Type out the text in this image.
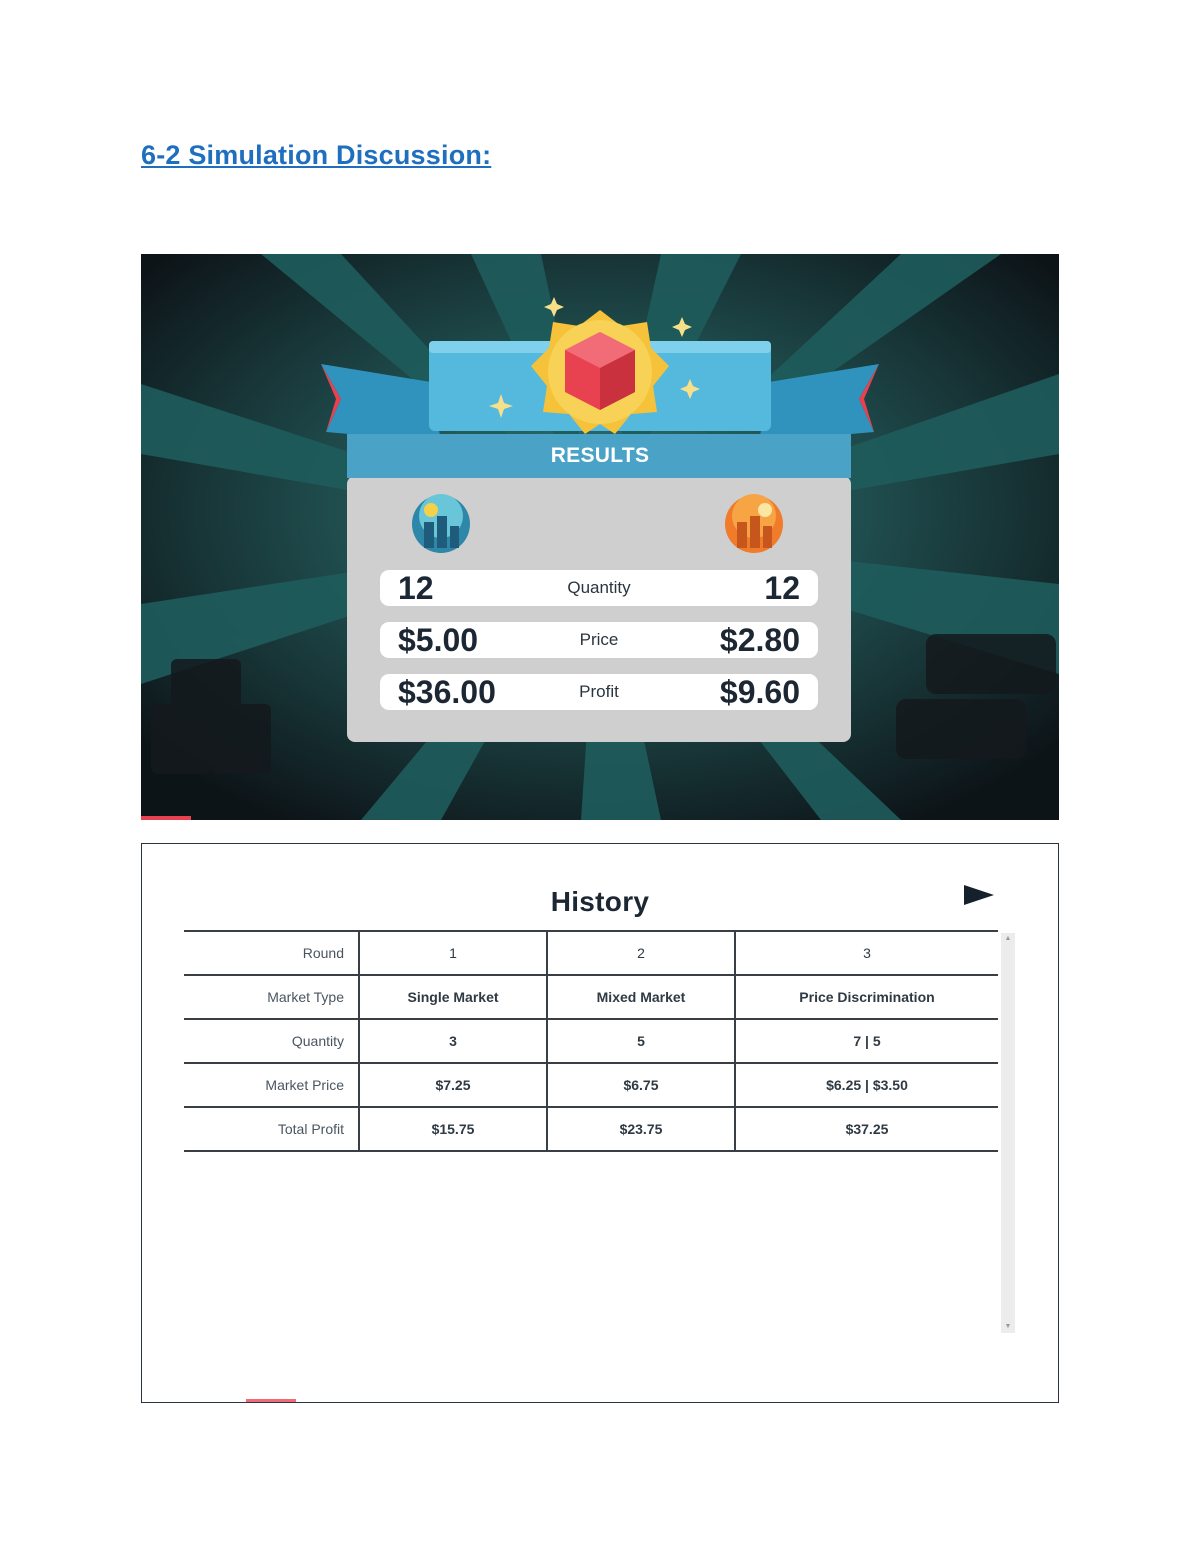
6-2 Simulation Discussion:
RESULTS
12	Quantity	12
$5.00	Price	$2.80
$36.00	Profit	$9.60
History
Round	1	2	3
Market Type	Single Market	Mixed Market	Price Discrimination
Quantity	3	5	7 | 5
Market Price	$7.25	$6.75	$6.25 | $3.50
Total Profit	$15.75	$23.75	$37.25
▲
▼
